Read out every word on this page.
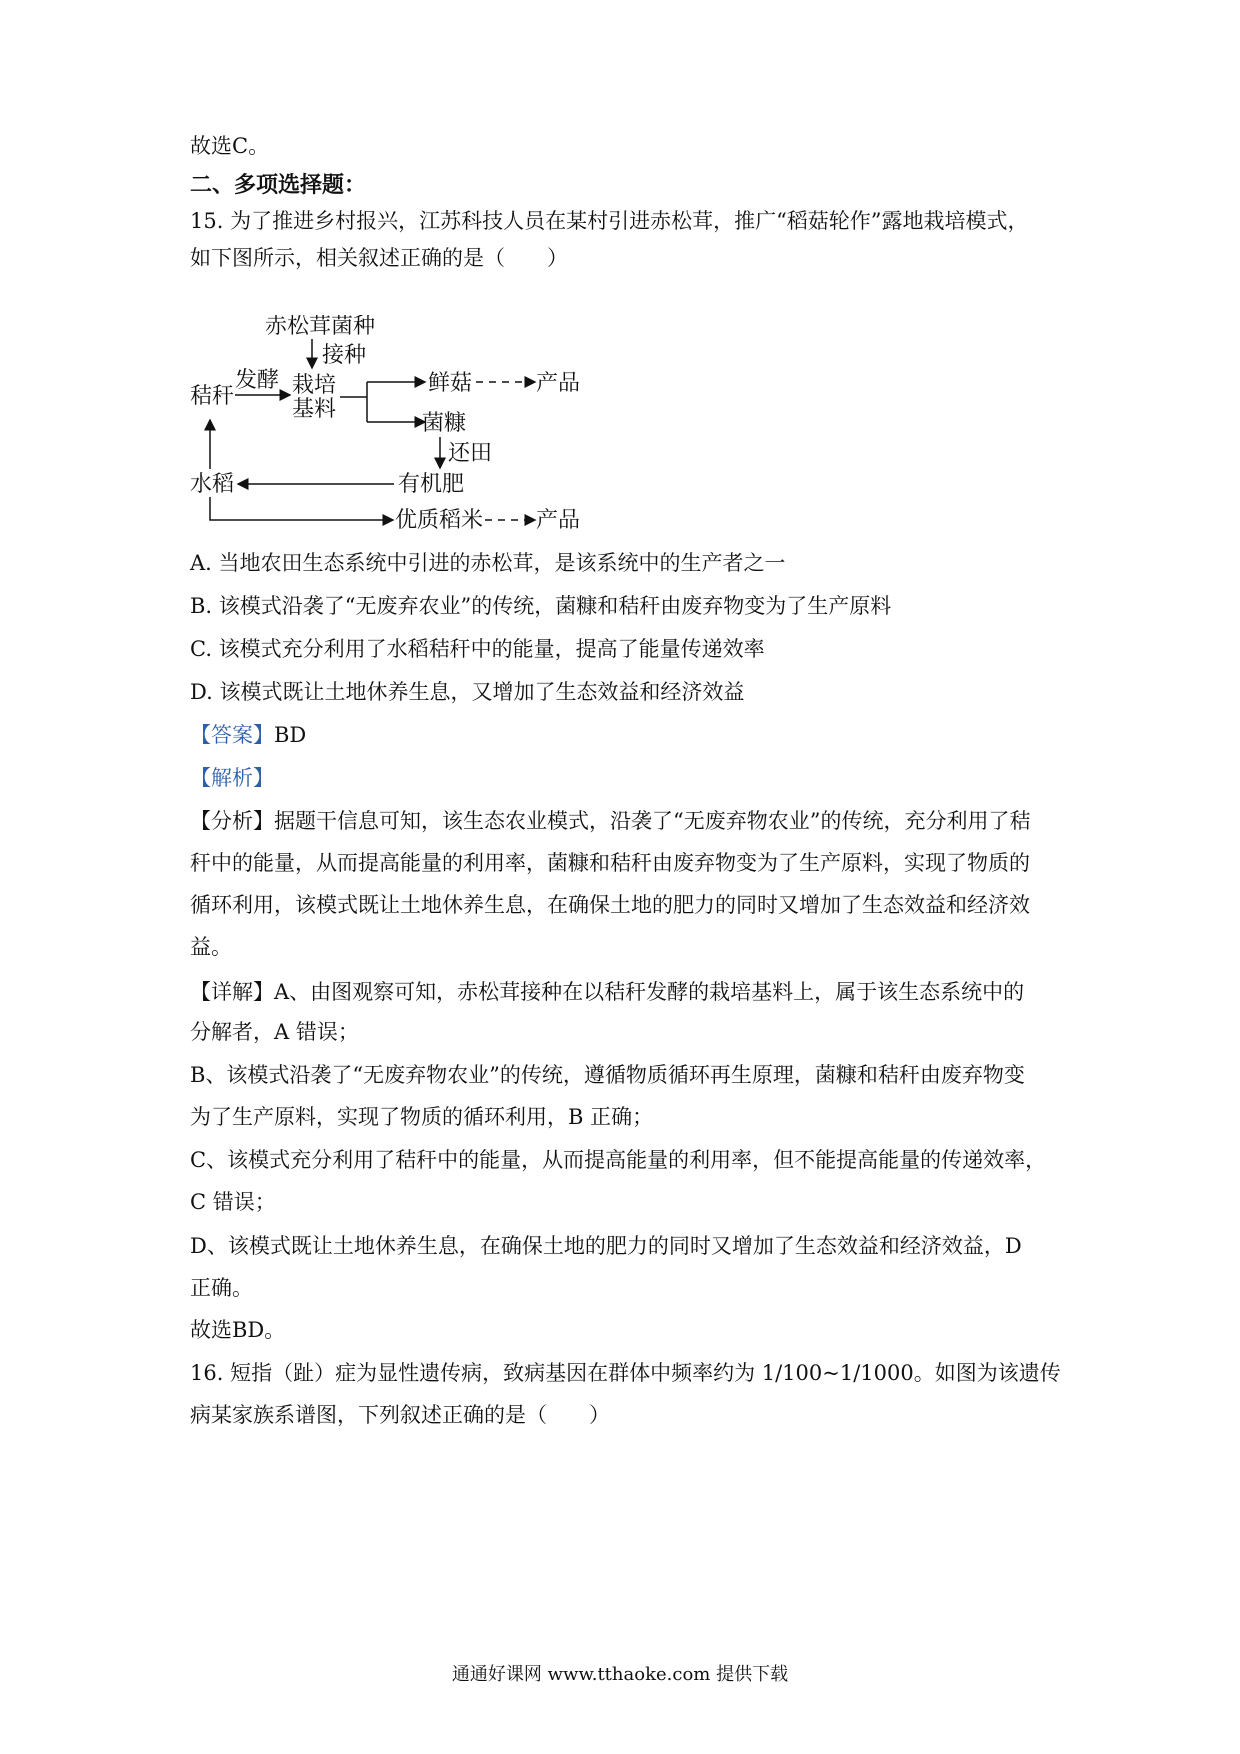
故选C。
二、多项选择题：
15. 为了推进乡村报兴，江苏科技人员在某村引进赤松茸，推广“稻菇轮作”露地栽培模式，
如下图所示，相关叙述正确的是（　　）
赤松茸菌种
接种
秸秆
发酵 栽培
基料
鲜菇	产品
菌糠
还田
有机肥
水稻
优质稻米 产品
A. 当地农田生态系统中引进的赤松茸，是该系统中的生产者之一
B. 该模式沿袭了“无废弃农业”的传统，菌糠和秸秆由废弃物变为了生产原料
C. 该模式充分利用了水稻秸秆中的能量，提高了能量传递效率
D. 该模式既让土地休养生息，又增加了生态效益和经济效益
【答案】BD
【解析】
【分析】据题干信息可知，该生态农业模式，沿袭了“无废弃物农业”的传统，充分利用了秸
秆中的能量，从而提高能量的利用率，菌糠和秸秆由废弃物变为了生产原料，实现了物质的
循环利用，该模式既让土地休养生息，在确保土地的肥力的同时又增加了生态效益和经济效
益。
【详解】A、由图观察可知，赤松茸接种在以秸秆发酵的栽培基料上，属于该生态系统中的
分解者，A 错误；
B、该模式沿袭了“无废弃物农业”的传统，遵循物质循环再生原理，菌糠和秸秆由废弃物变
为了生产原料，实现了物质的循环利用，B 正确；
C、该模式充分利用了秸秆中的能量，从而提高能量的利用率，但不能提高能量的传递效率，
C 错误；
D、该模式既让土地休养生息，在确保土地的肥力的同时又增加了生态效益和经济效益，D
正确。
故选BD。
16. 短指（趾）症为显性遗传病，致病基因在群体中频率约为 1/100~1/1000。如图为该遗传
病某家族系谱图，下列叙述正确的是（　　）
通通好课网 www.tthaoke.com 提供下载
